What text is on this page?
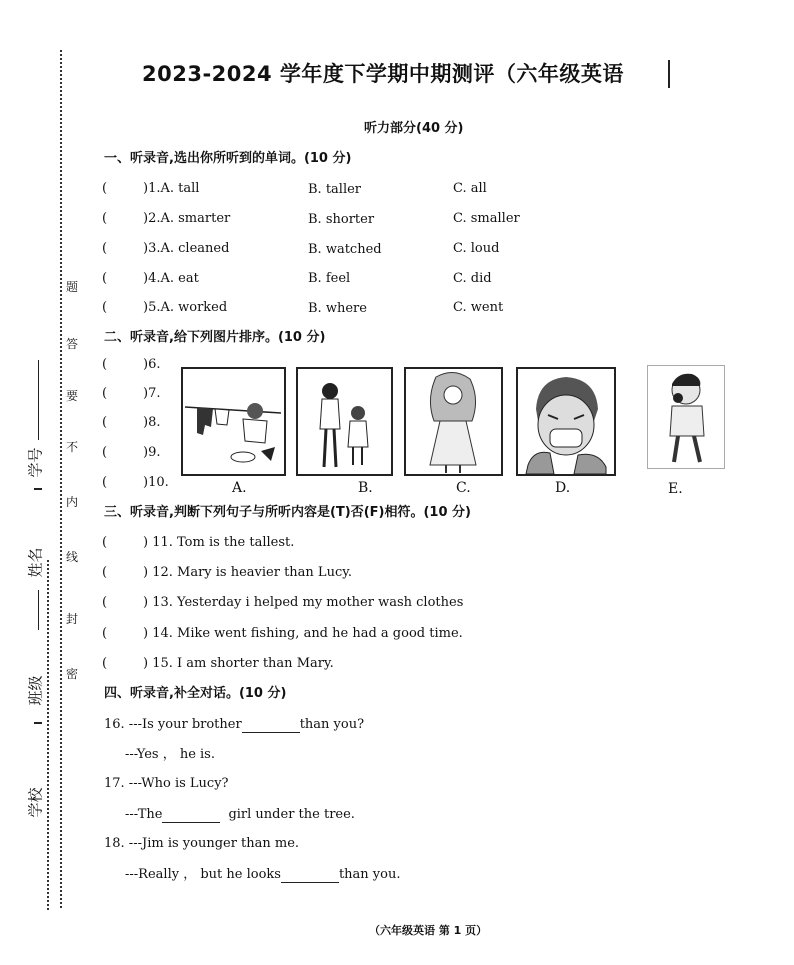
题
答
要
不
内
线
封
密
学号
姓名
班级
学校
2023-2024 学年度下学期中期测评（六年级英语
听力部分(40 分)
一、听录音,选出你所听到的单词。(10 分)
(	)1.A. tall	B. taller	C. all
(	)2.A. smarter	B. shorter	C. smaller
(	)3.A. cleaned	B. watched	C. loud
(	)4.A. eat	B. feel	C. did
(	)5.A. worked	B. where	C. went
二、听录音,给下列图片排序。(10 分)
(	)6.
(	)7.
(	)8.
(	)9.
(	)10.	A.	B.	C.	D.	E.
三、听录音,判断下列句子与所听内容是(T)否(F)相符。(10 分)
(	) 11. Tom is the tallest.
(	) 12. Mary is heavier than Lucy.
(	) 13. Yesterday i helped my mother wash clothes
(	) 14. Mike went fishing, and he had a good time.
(	) 15. I am shorter than Mary.
四、听录音,补全对话。(10 分)
16. ---Is your brother	than you?
---Yes ， he is.
17. ---Who is Lucy?
---The	girl under the tree.
18. ---Jim is younger than me.
---Really ， but he looks	than you.
（六年级英语 第 1 页）
